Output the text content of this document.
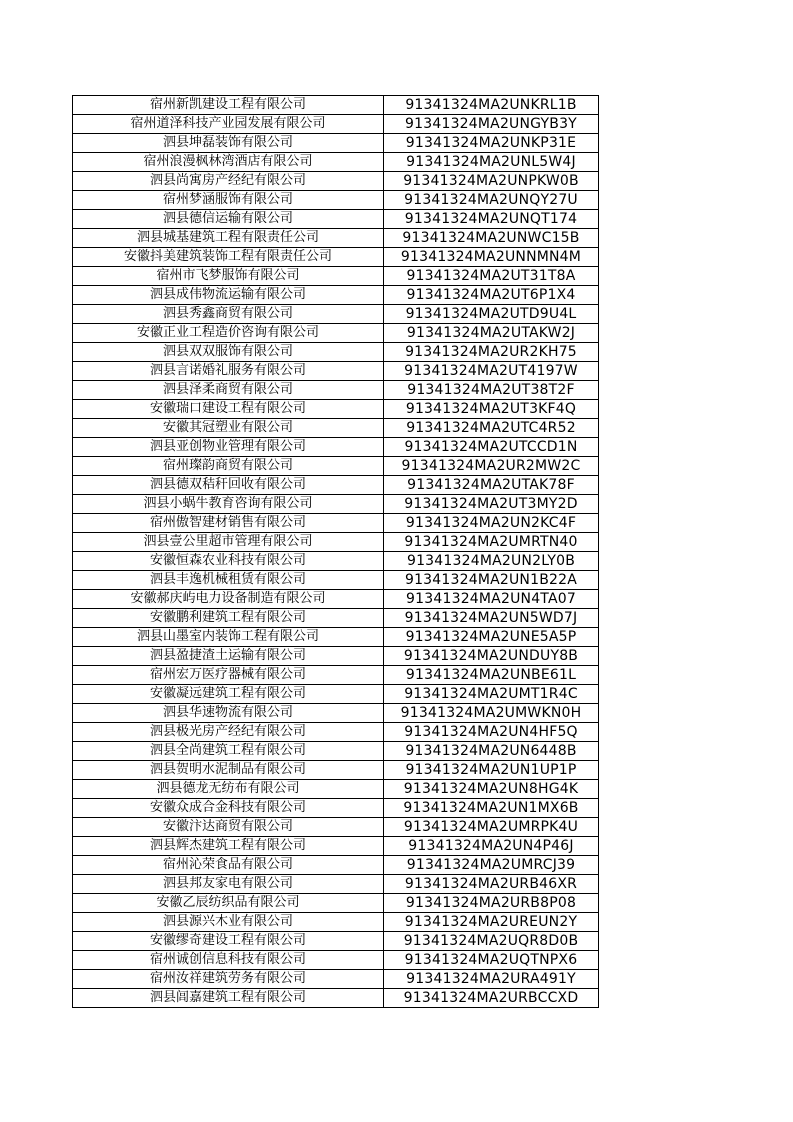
宿州新凯建设工程有限公司	91341324MA2UNKRL1B
宿州道泽科技产业园发展有限公司	91341324MA2UNGYB3Y
泗县坤磊装饰有限公司	91341324MA2UNKP31E
宿州浪漫枫林湾酒店有限公司	91341324MA2UNL5W4J
泗县尚寓房产经纪有限公司	91341324MA2UNPKW0B
宿州梦涵服饰有限公司	91341324MA2UNQY27U
泗县德信运输有限公司	91341324MA2UNQT174
泗县城基建筑工程有限责任公司	91341324MA2UNWC15B
安徽抖美建筑装饰工程有限责任公司	91341324MA2UNNMN4M
宿州市飞梦服饰有限公司	91341324MA2UT31T8A
泗县成伟物流运输有限公司	91341324MA2UT6P1X4
泗县秀鑫商贸有限公司	91341324MA2UTD9U4L
安徽正业工程造价咨询有限公司	91341324MA2UTAKW2J
泗县双双服饰有限公司	91341324MA2UR2KH75
泗县言诺婚礼服务有限公司	91341324MA2UT4197W
泗县泽柔商贸有限公司	91341324MA2UT38T2F
安徽瑞口建设工程有限公司	91341324MA2UT3KF4Q
安徽其冠塑业有限公司	91341324MA2UTC4R52
泗县亚创物业管理有限公司	91341324MA2UTCCD1N
宿州璨韵商贸有限公司	91341324MA2UR2MW2C
泗县德双秸秆回收有限公司	91341324MA2UTAK78F
泗县小蜗牛教育咨询有限公司	91341324MA2UT3MY2D
宿州傲智建材销售有限公司	91341324MA2UN2KC4F
泗县壹公里超市管理有限公司	91341324MA2UMRTN40
安徽恒森农业科技有限公司	91341324MA2UN2LY0B
泗县丰逸机械租赁有限公司	91341324MA2UN1B22A
安徽郝庆屿电力设备制造有限公司	91341324MA2UN4TA07
安徽鹏利建筑工程有限公司	91341324MA2UN5WD7J
泗县山墨室内装饰工程有限公司	91341324MA2UNE5A5P
泗县盈捷渣土运输有限公司	91341324MA2UNDUY8B
宿州宏万医疗器械有限公司	91341324MA2UNBE61L
安徽凝远建筑工程有限公司	91341324MA2UMT1R4C
泗县华速物流有限公司	91341324MA2UMWKN0H
泗县极光房产经纪有限公司	91341324MA2UN4HF5Q
泗县全尚建筑工程有限公司	91341324MA2UN6448B
泗县贺明水泥制品有限公司	91341324MA2UN1UP1P
泗县德龙无纺布有限公司	91341324MA2UN8HG4K
安徽众成合金科技有限公司	91341324MA2UN1MX6B
安徽汴达商贸有限公司	91341324MA2UMRPK4U
泗县辉杰建筑工程有限公司	91341324MA2UN4P46J
宿州沁荣食品有限公司	91341324MA2UMRCJ39
泗县邦友家电有限公司	91341324MA2URB46XR
安徽乙辰纺织品有限公司	91341324MA2URB8P08
泗县源兴木业有限公司	91341324MA2UREUN2Y
安徽缪奇建设工程有限公司	91341324MA2UQR8D0B
宿州诚创信息科技有限公司	91341324MA2UQTNPX6
宿州汝祥建筑劳务有限公司	91341324MA2URA491Y
泗县闾嘉建筑工程有限公司	91341324MA2URBCCXD
